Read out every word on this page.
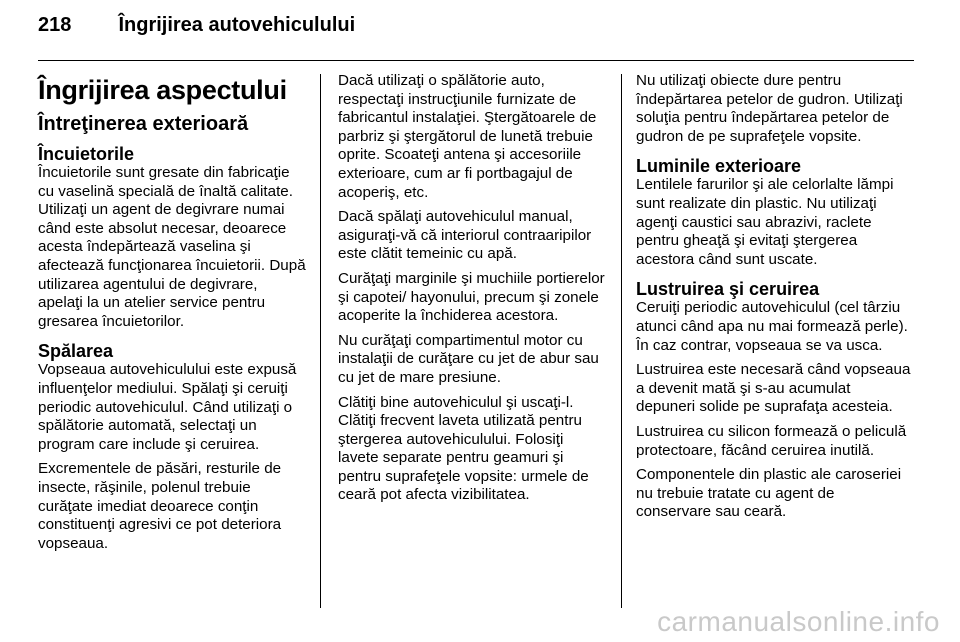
218 Îngrijirea autovehiculului
Îngrijirea aspectului
Întreţinerea exterioară
Încuietorile

Încuietorile sunt gresate din fabricaţie cu vaselină specială de înaltă calitate. Utilizaţi un agent de degivrare numai când este absolut necesar, deoarece acesta îndepărtează vaselina şi afectează funcţionarea încuietorii. După utilizarea agentului de degivrare, apelaţi la un atelier service pentru gresarea încuietorilor.

Spălarea

Vopseaua autovehiculului este expusă influenţelor mediului. Spălaţi şi ceruiţi periodic autovehiculul. Când utilizaţi o spălătorie automată, selectaţi un program care include şi ceruirea.

Excrementele de păsări, resturile de insecte, răşinile, polenul trebuie curăţate imediat deoarece conţin constituenţi agresivi ce pot deteriora vopseaua.

Dacă utilizaţi o spălătorie auto, respectaţi instrucţiunile furnizate de fabricantul instalaţiei. Ştergătoarele de parbriz şi ştergătorul de lunetă trebuie oprite. Scoateţi antena şi accesoriile exterioare, cum ar fi portbagajul de acoperiş, etc.

Dacă spălaţi autovehiculul manual, asiguraţi-vă că interiorul contraaripilor este clătit temeinic cu apă.

Curăţaţi marginile şi muchiile portierelor şi capotei/ hayonului, precum şi zonele acoperite la închiderea acestora.

Nu curăţaţi compartimentul motor cu instalaţii de curăţare cu jet de abur sau cu jet de mare presiune.

Clătiţi bine autovehiculul şi uscaţi-l. Clătiţi frecvent laveta utilizată pentru ştergerea autovehiculului. Folosiţi lavete separate pentru geamuri şi pentru suprafeţele vopsite: urmele de ceară pot afecta vizibilitatea.

Nu utilizaţi obiecte dure pentru îndepărtarea petelor de gudron. Utilizaţi soluţia pentru îndepărtarea petelor de gudron de pe suprafeţele vopsite.

Luminile exterioare

Lentilele farurilor şi ale celorlalte lămpi sunt realizate din plastic. Nu utilizaţi agenţi caustici sau abrazivi, raclete pentru gheaţă şi evitaţi ştergerea acestora când sunt uscate.

Lustruirea şi ceruirea

Ceruiţi periodic autovehiculul (cel târziu atunci când apa nu mai formează perle). În caz contrar, vopseaua se va usca.

Lustruirea este necesară când vopseaua a devenit mată şi s-au acumulat depuneri solide pe suprafaţa acesteia.

Lustruirea cu silicon formează o peliculă protectoare, făcând ceruirea inutilă.

Componentele din plastic ale caroseriei nu trebuie tratate cu agent de conservare sau ceară.

carmanualsonline.info
